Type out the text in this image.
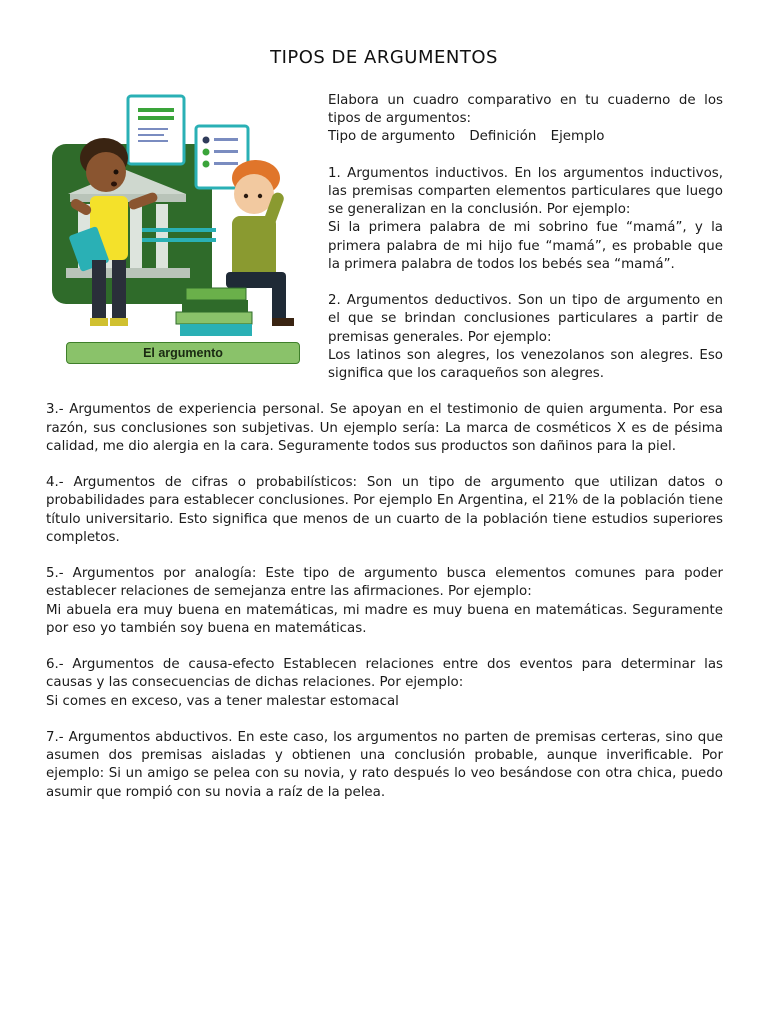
TIPOS DE ARGUMENTOS
El argumento

Elabora un cuadro comparativo en tu cuaderno de los tipos de argumentos:
Tipo de argumento Definición Ejemplo

1. Argumentos inductivos. En los argumentos inductivos, las premisas comparten elementos particulares que luego se generalizan en la conclusión. Por ejemplo:
Si la primera palabra de mi sobrino fue “mamá”, y la primera palabra de mi hijo fue “mamá”, es probable que la primera palabra de todos los bebés sea “mamá”.

2. Argumentos deductivos. Son un tipo de argumento en el que se brindan conclusiones particulares a partir de premisas generales. Por ejemplo:
Los latinos son alegres, los venezolanos son alegres. Eso significa que los caraqueños son alegres.

3.- Argumentos de experiencia personal. Se apoyan en el testimonio de quien argumenta. Por esa razón, sus conclusiones son subjetivas. Un ejemplo sería: La marca de cosméticos X es de pésima calidad, me dio alergia en la cara. Seguramente todos sus productos son dañinos para la piel.

4.- Argumentos de cifras o probabilísticos: Son un tipo de argumento que utilizan datos o probabilidades para establecer conclusiones. Por ejemplo En Argentina, el 21% de la población tiene título universitario. Esto significa que menos de un cuarto de la población tiene estudios superiores completos.

5.- Argumentos por analogía: Este tipo de argumento busca elementos comunes para poder establecer relaciones de semejanza entre las afirmaciones. Por ejemplo:
Mi abuela era muy buena en matemáticas, mi madre es muy buena en matemáticas. Seguramente por eso yo también soy buena en matemáticas.

6.- Argumentos de causa-efecto Establecen relaciones entre dos eventos para determinar las causas y las consecuencias de dichas relaciones. Por ejemplo:
Si comes en exceso, vas a tener malestar estomacal

7.- Argumentos abductivos. En este caso, los argumentos no parten de premisas certeras, sino que asumen dos premisas aisladas y obtienen una conclusión probable, aunque inverificable. Por ejemplo: Si un amigo se pelea con su novia, y rato después lo veo besándose con otra chica, puedo asumir que rompió con su novia a raíz de la pelea.
